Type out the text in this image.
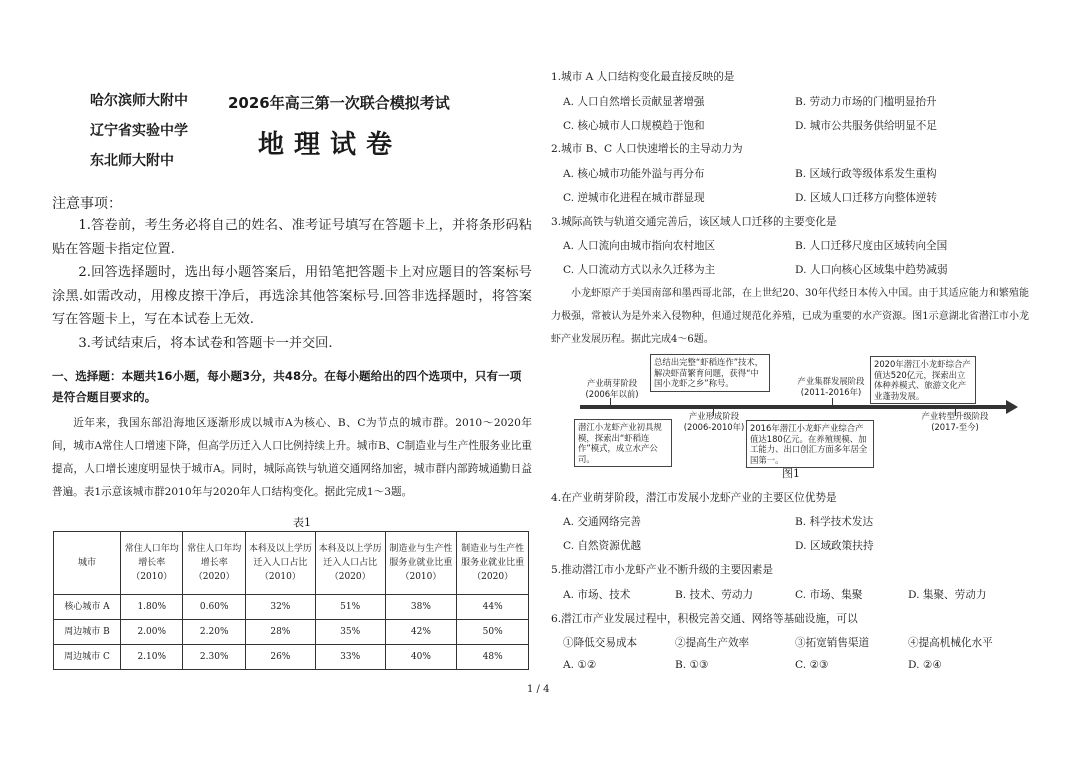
哈尔滨师大附中
辽宁省实验中学
东北师大附中
2026年高三第一次联合模拟考试
地理试卷
注意事项：
1.答卷前，考生务必将自己的姓名、准考证号填写在答题卡上，并将条形码粘贴在答题卡指定位置.
2.回答选择题时，选出每小题答案后，用铅笔把答题卡上对应题目的答案标号涂黑.如需改动，用橡皮擦干净后，再选涂其他答案标号.回答非选择题时，将答案写在答题卡上，写在本试卷上无效.
3.考试结束后，将本试卷和答题卡一并交回.
一、选择题：本题共16小题，每小题3分，共48分。在每小题给出的四个选项中，只有一项是符合题目要求的。
近年来，我国东部沿海地区逐渐形成以城市A为核心、B、C为节点的城市群。2010～2020年间，城市A常住人口增速下降，但高学历迁入人口比例持续上升。城市B、C制造业与生产性服务业比重提高，人口增长速度明显快于城市A。同时，城际高铁与轨道交通网络加密，城市群内部跨城通勤日益普遍。表1示意该城市群2010年与2020年人口结构变化。据此完成1～3题。
表1
城市	常住人口年均增长率（2010）	常住人口年均增长率（2020）	本科及以上学历迁入人口占比（2010）	本科及以上学历迁入人口占比（2020）	制造业与生产性服务业就业比重（2010）	制造业与生产性服务业就业比重（2020）
核心城市 A	1.80%	0.60%	32%	51%	38%	44%
周边城市 B	2.00%	2.20%	28%	35%	42%	50%
周边城市 C	2.10%	2.30%	26%	33%	40%	48%
1.城市 A 人口结构变化最直接反映的是
A. 人口自然增长贡献显著增强	B. 劳动力市场的门槛明显抬升
C. 核心城市人口规模趋于饱和	D. 城市公共服务供给明显不足
2.城市 B、C 人口快速增长的主导动力为
A. 核心城市功能外溢与再分布	B. 区域行政等级体系发生重构
C. 逆城市化进程在城市群显现	D. 区域人口迁移方向整体逆转
3.城际高铁与轨道交通完善后，该区域人口迁移的主要变化是
A. 人口流向由城市指向农村地区	B. 人口迁移尺度由区域转向全国
C. 人口流动方式以永久迁移为主	D. 人口向核心区域集中趋势减弱
小龙虾原产于美国南部和墨西哥北部，在上世纪20、30年代经日本传入中国。由于其适应能力和繁殖能力极强，常被认为是外来入侵物种，但通过规范化养殖，已成为重要的水产资源。图1示意湖北省潜江市小龙虾产业发展历程。据此完成4～6题。
产业萌芽阶段
(2006年以前)
产业形成阶段
(2006-2010年)
产业集群发展阶段
(2011-2016年)
产业转型升级阶段
(2017-至今)
潜江小龙虾产业初具规模，探索出“虾稻连作”模式，成立水产公司。
总结出完整“虾稻连作”技术，解决虾苗繁育问题，获得“中国小龙虾之乡”称号。
2016年潜江小龙虾产业综合产值达180亿元。在养殖规模、加工能力、出口创汇方面多年居全国第一。
2020年潜江小龙虾综合产值达520亿元，探索出立体种养模式、旅游文化产业蓬勃发展。
图1
4.在产业萌芽阶段，潜江市发展小龙虾产业的主要区位优势是
A. 交通网络完善	B. 科学技术发达
C. 自然资源优越	D. 区域政策扶持
5.推动潜江市小龙虾产业不断升级的主要因素是
A. 市场、技术	B. 技术、劳动力	C. 市场、集聚	D. 集聚、劳动力
6.潜江市产业发展过程中，积极完善交通、网络等基础设施，可以
①降低交易成本	②提高生产效率	③拓宽销售渠道	④提高机械化水平
A. ①②	B. ①③	C. ②③	D. ②④
1 / 4
